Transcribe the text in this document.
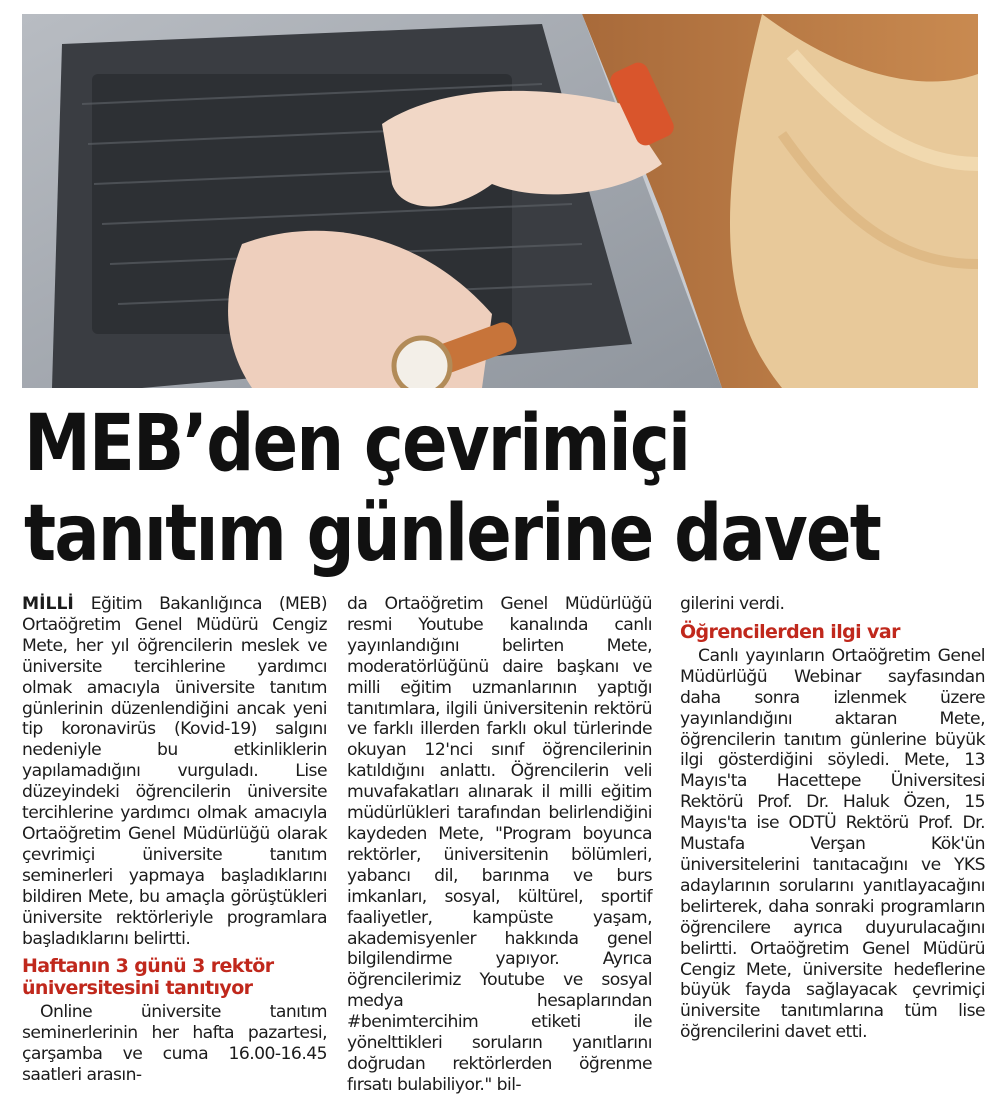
MEB’den çevrimiçi
tanıtım günlerine davet

MİLLİ Eğitim Bakanlığınca (MEB) Ortaöğretim Genel Müdürü Cengiz Mete, her yıl öğrencilerin meslek ve üniversite tercihlerine yardımcı olmak amacıyla üniversite tanıtım günlerinin düzenlendiğini ancak yeni tip koronavirüs (Kovid-19) salgını nedeniyle bu etkinliklerin yapılamadığını vurguladı. Lise düzeyindeki öğrencilerin üniversite tercihlerine yardımcı olmak amacıyla Ortaöğretim Genel Müdürlüğü olarak çevrimiçi üniversite tanıtım seminerleri yapmaya başladıklarını bildiren Mete, bu amaçla görüştükleri üniversite rektörleriyle programlara başladıklarını belirtti.

Haftanın 3 günü 3 rektör üniversitesini tanıtıyor

Online üniversite tanıtım seminerlerinin her hafta pazartesi, çarşamba ve cuma 16.00-16.45 saatleri arasın-

da Ortaöğretim Genel Müdürlüğü resmi Youtube kanalında canlı yayınlandığını belirten Mete, moderatörlüğünü daire başkanı ve milli eğitim uzmanlarının yaptığı tanıtımlara, ilgili üniversitenin rektörü ve farklı illerden farklı okul türlerinde okuyan 12'nci sınıf öğrencilerinin katıldığını anlattı. Öğrencilerin veli muvafakatları alınarak il milli eğitim müdürlükleri tarafından belirlendiğini kaydeden Mete, "Program boyunca rektörler, üniversitenin bölümleri, yabancı dil, barınma ve burs imkanları, sosyal, kültürel, sportif faaliyetler, kampüste yaşam, akademisyenler hakkında genel bilgilendirme yapıyor. Ayrıca öğrencilerimiz Youtube ve sosyal medya hesaplarından #benimtercihim etiketi ile yönelttikleri soruların yanıtlarını doğrudan rektörlerden öğrenme fırsatı bulabiliyor." bil-

gilerini verdi.

Öğrencilerden ilgi var

Canlı yayınların Ortaöğretim Genel Müdürlüğü Webinar sayfasından daha sonra izlenmek üzere yayınlandığını aktaran Mete, öğrencilerin tanıtım günlerine büyük ilgi gösterdiğini söyledi. Mete, 13 Mayıs'ta Hacettepe Üniversitesi Rektörü Prof. Dr. Haluk Özen, 15 Mayıs'ta ise ODTÜ Rektörü Prof. Dr. Mustafa Verşan Kök'ün üniversitelerini tanıtacağını ve YKS adaylarının sorularını yanıtlayacağını belirterek, daha sonraki programların öğrencilere ayrıca duyurulacağını belirtti. Ortaöğretim Genel Müdürü Cengiz Mete, üniversite hedeflerine büyük fayda sağlayacak çevrimiçi üniversite tanıtımlarına tüm lise öğrencilerini davet etti.
